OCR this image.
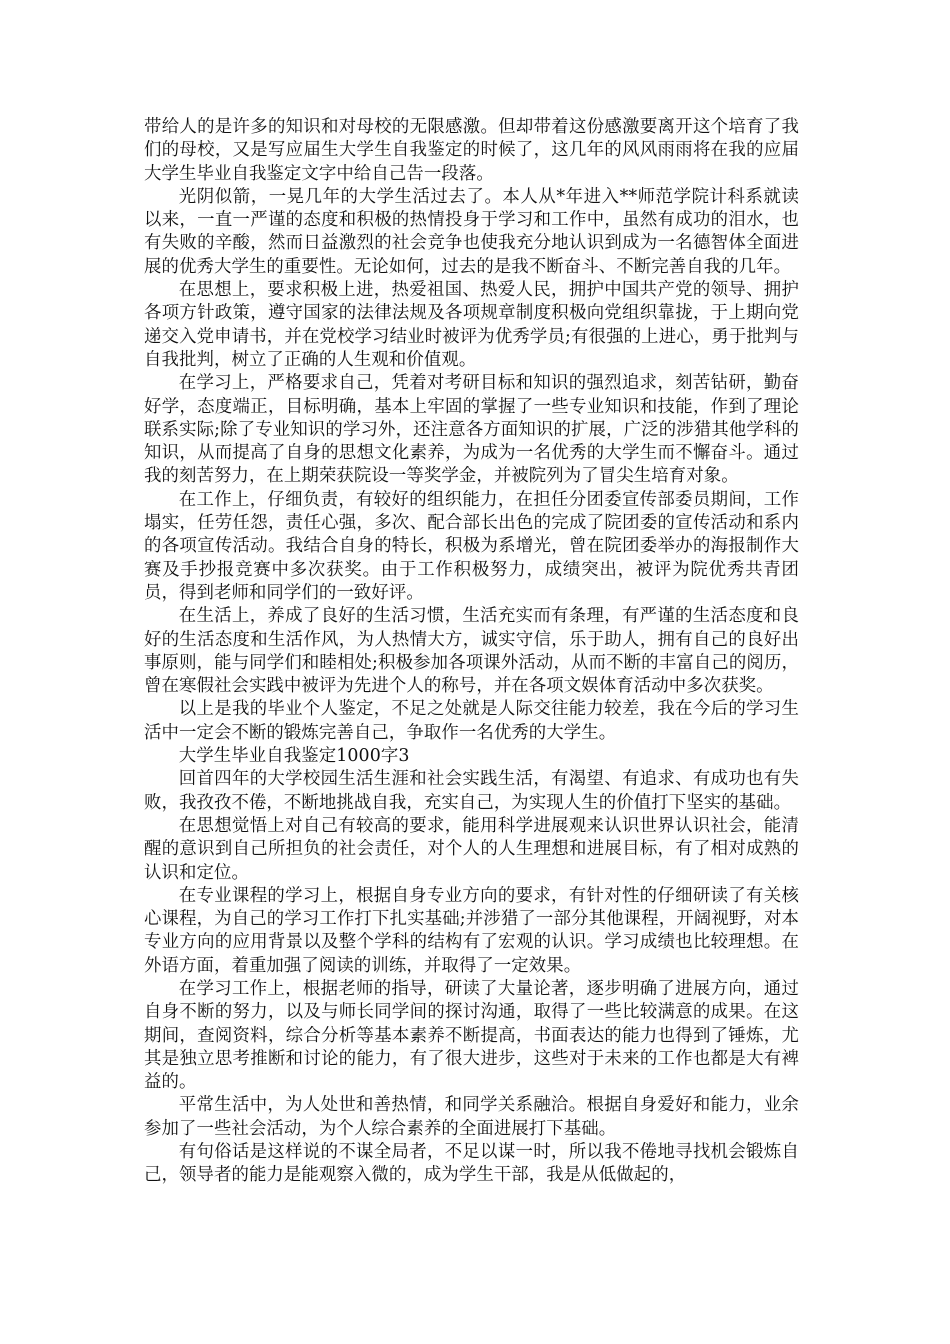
带给人的是许多的知识和对母校的无限感激。但却带着这份感激要离开这个培育了我们的母校，又是写应届生大学生自我鉴定的时候了，这几年的风风雨雨将在我的应届大学生毕业自我鉴定文字中给自己告一段落。

光阴似箭，一晃几年的大学生活过去了。本人从*年进入**师范学院计科系就读以来，一直一严谨的态度和积极的热情投身于学习和工作中，虽然有成功的泪水，也有失败的辛酸，然而日益激烈的社会竞争也使我充分地认识到成为一名德智体全面进展的优秀大学生的重要性。无论如何，过去的是我不断奋斗、不断完善自我的几年。

在思想上，要求积极上进，热爱祖国、热爱人民，拥护中国共产党的领导、拥护各项方针政策，遵守国家的法律法规及各项规章制度积极向党组织靠拢，于上期向党递交入党申请书，并在党校学习结业时被评为优秀学员;有很强的上进心，勇于批判与自我批判，树立了正确的人生观和价值观。

在学习上，严格要求自己，凭着对考研目标和知识的强烈追求，刻苦钻研，勤奋好学，态度端正，目标明确，基本上牢固的掌握了一些专业知识和技能，作到了理论联系实际;除了专业知识的学习外，还注意各方面知识的扩展，广泛的涉猎其他学科的知识，从而提高了自身的思想文化素养，为成为一名优秀的大学生而不懈奋斗。通过我的刻苦努力，在上期荣获院设一等奖学金，并被院列为了冒尖生培育对象。

在工作上，仔细负责，有较好的组织能力，在担任分团委宣传部委员期间，工作塌实，任劳任怨，责任心强，多次、配合部长出色的完成了院团委的宣传活动和系内的各项宣传活动。我结合自身的特长，积极为系增光，曾在院团委举办的海报制作大赛及手抄报竞赛中多次获奖。由于工作积极努力，成绩突出，被评为院优秀共青团员，得到老师和同学们的一致好评。

在生活上，养成了良好的生活习惯，生活充实而有条理，有严谨的生活态度和良好的生活态度和生活作风，为人热情大方，诚实守信，乐于助人，拥有自己的良好出事原则，能与同学们和睦相处;积极参加各项课外活动，从而不断的丰富自己的阅历，曾在寒假社会实践中被评为先进个人的称号，并在各项文娱体育活动中多次获奖。

以上是我的毕业个人鉴定，不足之处就是人际交往能力较差，我在今后的学习生活中一定会不断的锻炼完善自己，争取作一名优秀的大学生。

大学生毕业自我鉴定1000字3

回首四年的大学校园生活生涯和社会实践生活，有渴望、有追求、有成功也有失败，我孜孜不倦，不断地挑战自我，充实自己，为实现人生的价值打下坚实的基础。

在思想觉悟上对自己有较高的要求，能用科学进展观来认识世界认识社会，能清醒的意识到自己所担负的社会责任，对个人的人生理想和进展目标，有了相对成熟的认识和定位。

在专业课程的学习上，根据自身专业方向的要求，有针对性的仔细研读了有关核心课程，为自己的学习工作打下扎实基础;并涉猎了一部分其他课程，开阔视野，对本专业方向的应用背景以及整个学科的结构有了宏观的认识。学习成绩也比较理想。在外语方面，着重加强了阅读的训练，并取得了一定效果。

在学习工作上，根据老师的指导，研读了大量论著，逐步明确了进展方向，通过自身不断的努力，以及与师长同学间的探讨沟通，取得了一些比较满意的成果。在这期间，查阅资料，综合分析等基本素养不断提高，书面表达的能力也得到了锤炼，尤其是独立思考推断和讨论的能力，有了很大进步，这些对于未来的工作也都是大有裨益的。

平常生活中，为人处世和善热情，和同学关系融洽。根据自身爱好和能力，业余参加了一些社会活动，为个人综合素养的全面进展打下基础。

有句俗话是这样说的不谋全局者，不足以谋一时，所以我不倦地寻找机会锻炼自己，领导者的能力是能观察入微的，成为学生干部，我是从低做起的，
